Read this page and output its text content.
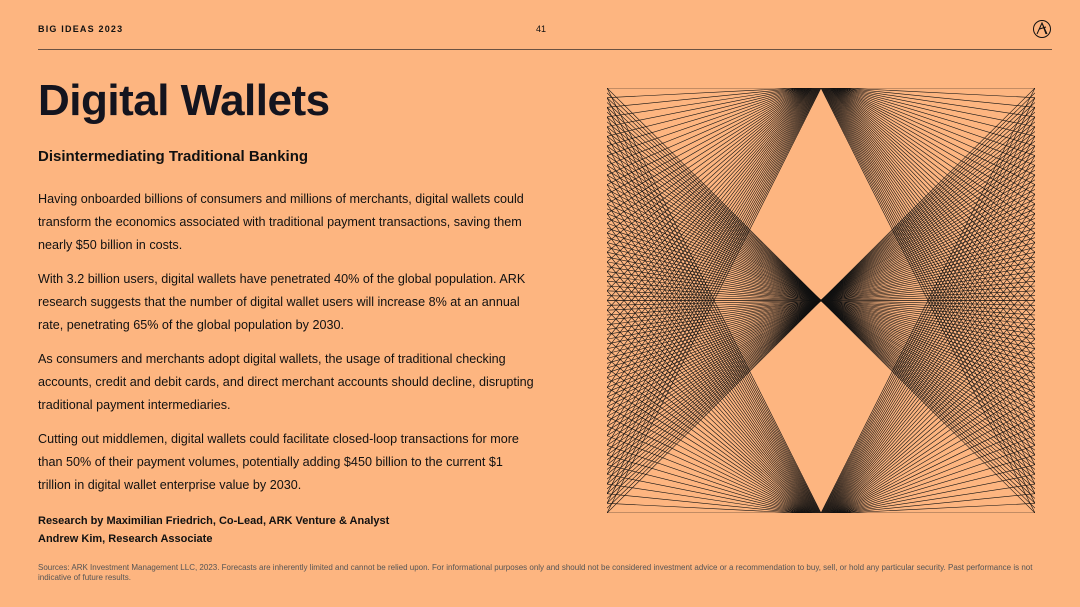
BIG IDEAS 2023	41
Digital Wallets
Disintermediating Traditional Banking

Having onboarded billions of consumers and millions of merchants, digital wallets could transform the economics associated with traditional payment transactions, saving them nearly $50 billion in costs.

With 3.2 billion users, digital wallets have penetrated 40% of the global population. ARK research suggests that the number of digital wallet users will increase 8% at an annual rate, penetrating 65% of the global population by 2030.

As consumers and merchants adopt digital wallets, the usage of traditional checking accounts, credit and debit cards, and direct merchant accounts should decline, disrupting traditional payment intermediaries.

Cutting out middlemen, digital wallets could facilitate closed-loop transactions for more than 50% of their payment volumes, potentially adding $450 billion to the current $1 trillion in digital wallet enterprise value by 2030.

Research by Maximilian Friedrich, Co-Lead, ARK Venture & Analyst
Andrew Kim, Research Associate
Sources: ARK Investment Management LLC, 2023. Forecasts are inherently limited and cannot be relied upon. For informational purposes only and should not be considered investment advice or a recommendation to buy, sell, or hold any particular security. Past performance is not indicative of future results.
